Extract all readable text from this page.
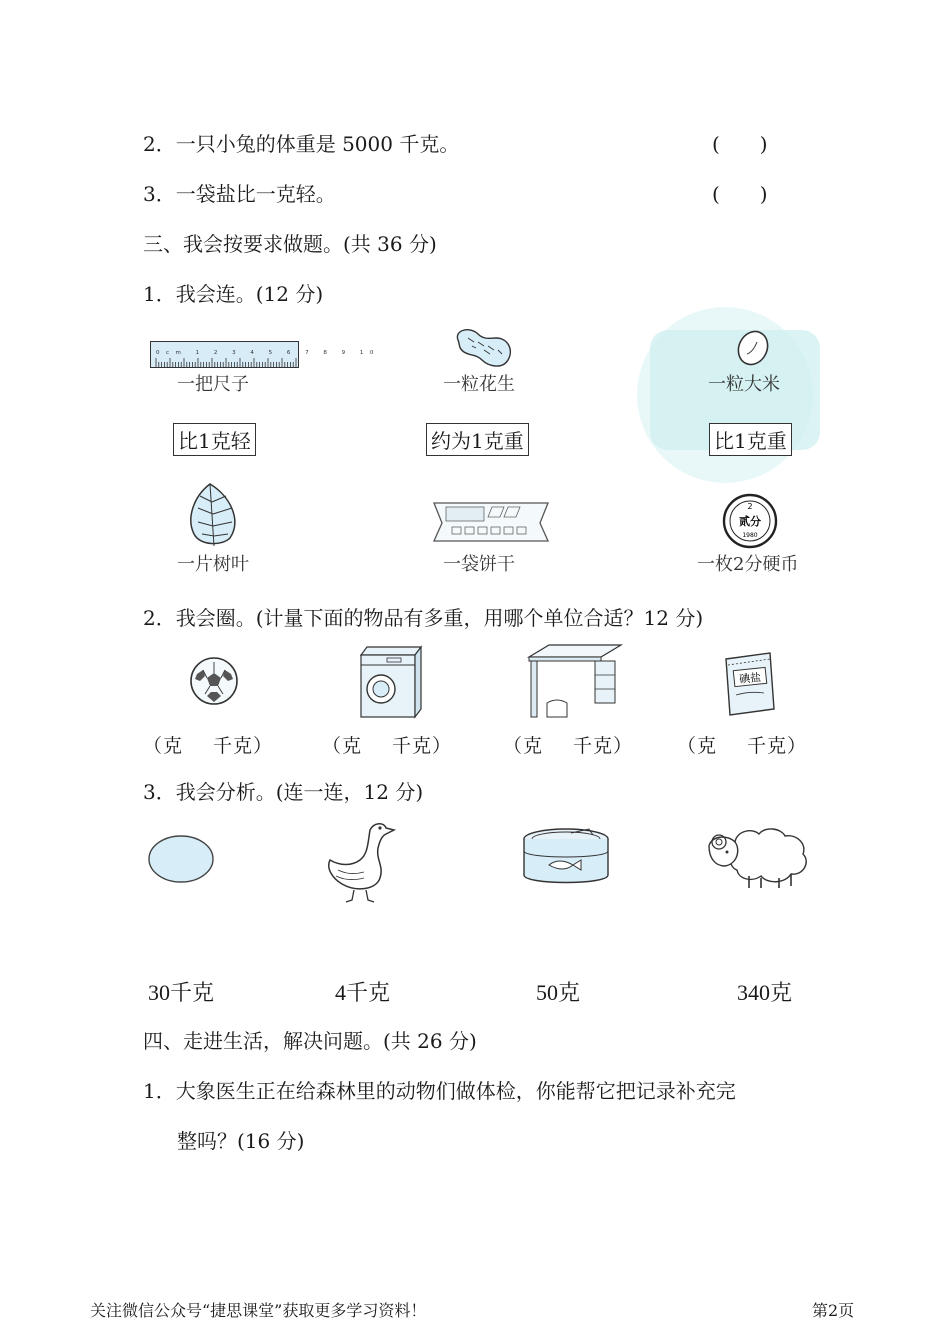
2．一只小兔的体重是 5000 千克。	(　　)
3．一袋盐比一克轻。	(　　)
三、我会按要求做题。(共 36 分)
1．我会连。(12 分)
0cm 1 2 3 4 5 6 7 8 9 10
一把尺子	一粒花生	一粒大米
比1克轻	约为1克重	比1克重
一片树叶	一袋饼干
2
贰分
1980
一枚2分硬币
2．我会圈。(计量下面的物品有多重，用哪个单位合适？12 分)
碘盐
（克 千克）	（克 千克）	（克 千克） （克 千克）
3．我会分析。(连一连，12 分)
30千克	4千克	50克	340克
四、走进生活，解决问题。(共 26 分)
1．大象医生正在给森林里的动物们做体检，你能帮它把记录补充完
整吗？(16 分)
关注微信公众号“捷思课堂”获取更多学习资料！	第2页
